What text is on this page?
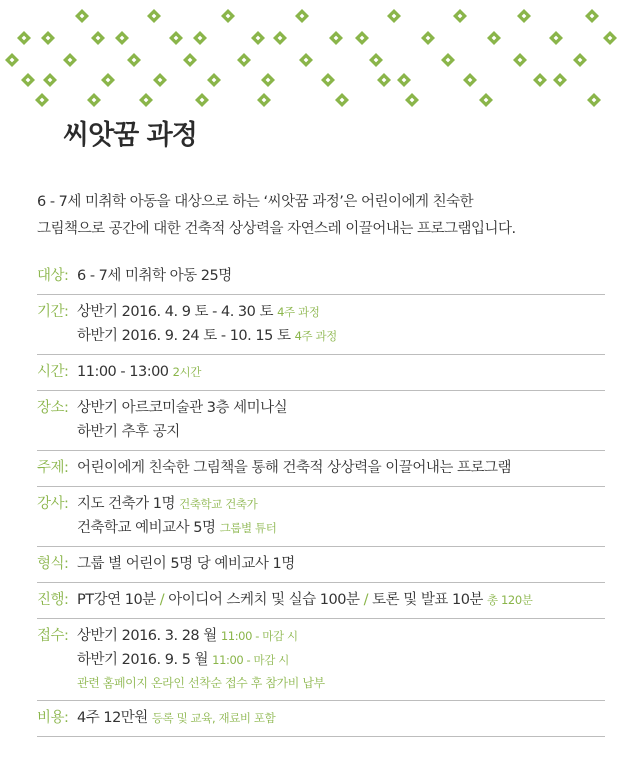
씨앗꿈 과정
6 - 7세 미취학 아동을 대상으로 하는 ‘씨앗꿈 과정’은 어린이에게 친숙한
그림책으로 공간에 대한 건축적 상상력을 자연스레 이끌어내는 프로그램입니다.
대상: 6 - 7세 미취학 아동 25명
기간: 상반기 2016. 4. 9 토 - 4. 30 토 4주 과정
하반기 2016. 9. 24 토 - 10. 15 토 4주 과정
시간: 11:00 - 13:00 2시간
장소: 상반기 아르코미술관 3층 세미나실
하반기 추후 공지
주제: 어린이에게 친숙한 그림책을 통해 건축적 상상력을 이끌어내는 프로그램
강사: 지도 건축가 1명 건축학교 건축가
건축학교 예비교사 5명 그룹별 튜터
형식: 그룹 별 어린이 5명 당 예비교사 1명
진행: PT강연 10분 / 아이디어 스케치 및 실습 100분 / 토론 및 발표 10분 총 120분
접수: 상반기 2016. 3. 28 월 11:00 - 마감 시
하반기 2016. 9. 5 월 11:00 - 마감 시
관련 홈페이지 온라인 선착순 접수 후 참가비 납부
비용: 4주 12만원 등록 및 교육, 재료비 포함
